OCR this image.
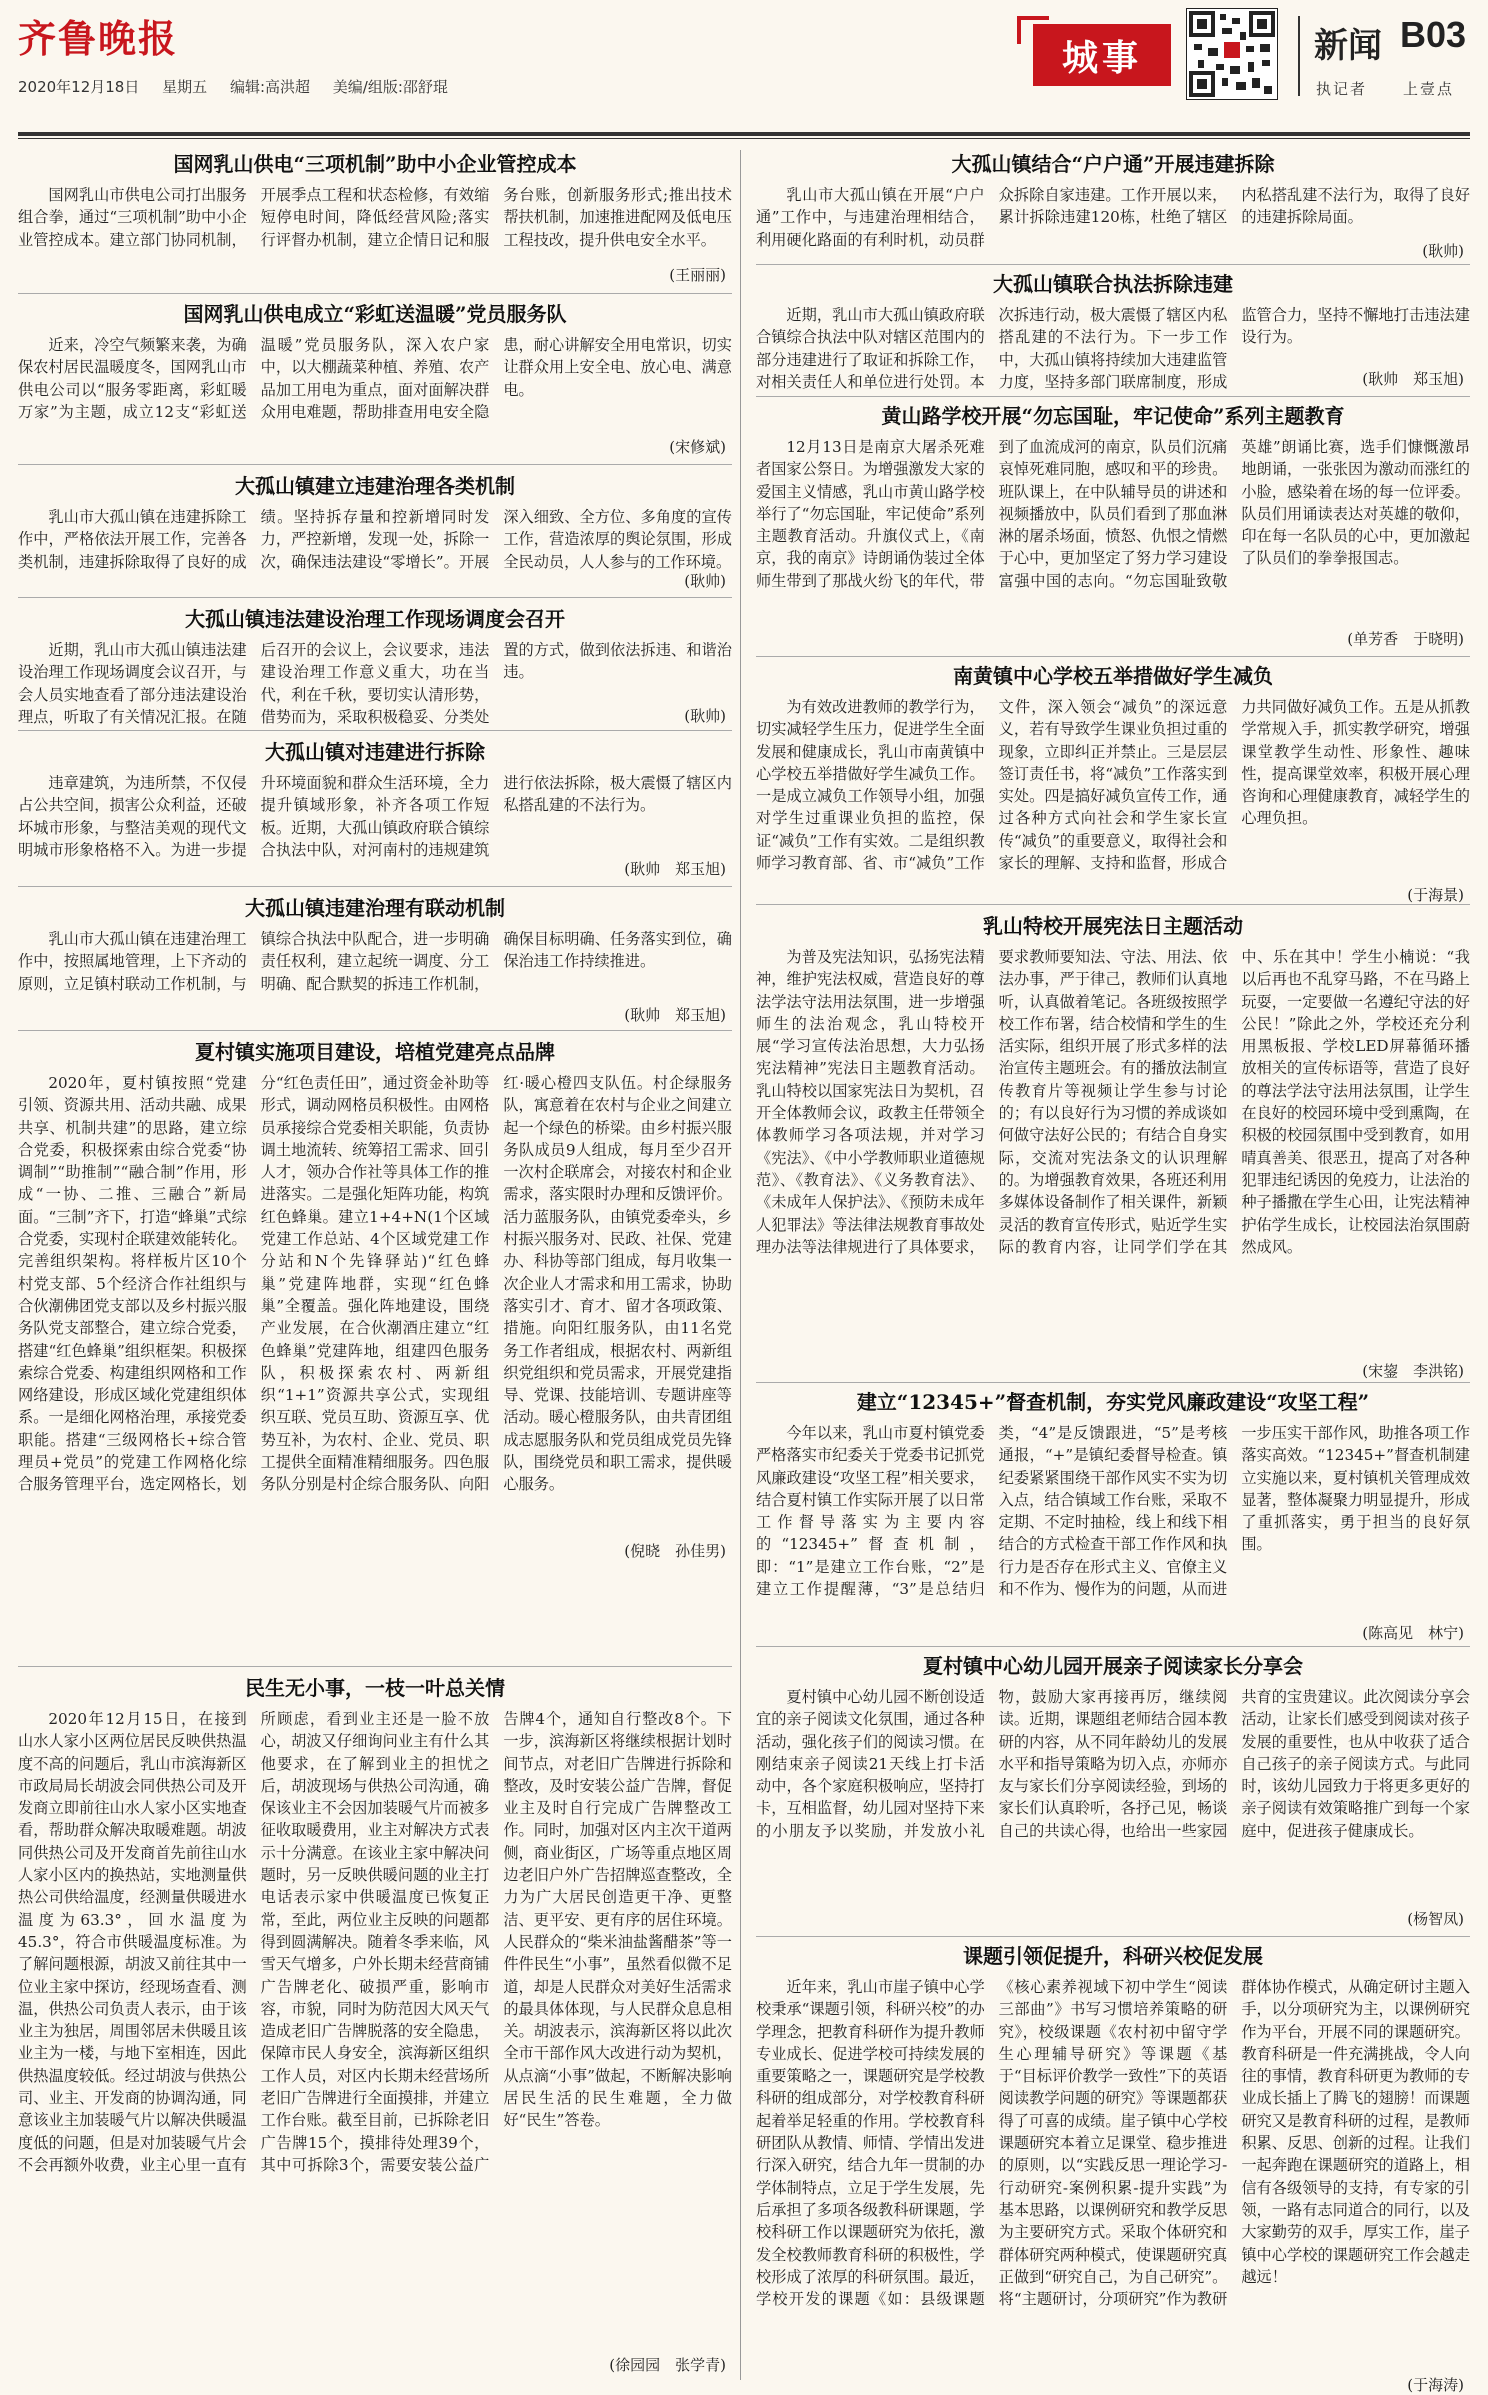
齐鲁晚报
2020年12月18日 星期五 编辑:高洪超 美编/组版:邵舒琨
城事	新闻 B03
执记者 上壹点
国网乳山供电“三项机制”助中小企业管控成本
国网乳山市供电公司打出服务组合拳，通过“三项机制”助中小企业管控成本。建立部门协同机制，开展季点工程和状态检修，有效缩短停电时间，降低经营风险;落实行评督办机制，建立企情日记和服务台账，创新服务形式;推出技术帮扶机制，加速推进配网及低电压工程技改，提升供电安全水平。
(王丽丽)
国网乳山供电成立“彩虹送温暖”党员服务队
近来，冷空气频繁来袭，为确保农村居民温暖度冬，国网乳山市供电公司以“服务零距离，彩虹暖万家”为主题，成立12支“彩虹送温暖”党员服务队，深入农户家中，以大棚蔬菜种植、养殖、农产品加工用电为重点，面对面解决群众用电难题，帮助排查用电安全隐患，耐心讲解安全用电常识，切实让群众用上安全电、放心电、满意电。
(宋修斌)
大孤山镇建立违建治理各类机制
乳山市大孤山镇在违建拆除工作中，严格依法开展工作，完善各类机制，违建拆除取得了良好的成绩。坚持拆存量和控新增同时发力，严控新增，发现一处，拆除一次，确保违法建设“零增长”。开展深入细致、全方位、多角度的宣传工作，营造浓厚的舆论氛围，形成全民动员，人人参与的工作环境。
(耿帅)
大孤山镇违法建设治理工作现场调度会召开
近期，乳山市大孤山镇违法建设治理工作现场调度会议召开，与会人员实地查看了部分违法建设治理点，听取了有关情况汇报。在随后召开的会议上，会议要求，违法建设治理工作意义重大，功在当代，利在千秋，要切实认清形势，借势而为，采取积极稳妥、分类处置的方式，做到依法拆违、和谐治违。
(耿帅)
大孤山镇对违建进行拆除
违章建筑，为违所禁，不仅侵占公共空间，损害公众利益，还破坏城市形象，与整洁美观的现代文明城市形象格格不入。为进一步提升环境面貌和群众生活环境，全力提升镇域形象，补齐各项工作短板。近期，大孤山镇政府联合镇综合执法中队，对河南村的违规建筑进行依法拆除，极大震慑了辖区内私搭乱建的不法行为。
(耿帅　郑玉旭)
大孤山镇违建治理有联动机制
乳山市大孤山镇在违建治理工作中，按照属地管理，上下齐动的原则，立足镇村联动工作机制，与镇综合执法中队配合，进一步明确责任权利，建立起统一调度、分工明确、配合默契的拆违工作机制，确保目标明确、任务落实到位，确保治违工作持续推进。
(耿帅　郑玉旭)
夏村镇实施项目建设，培植党建亮点品牌
2020年，夏村镇按照“党建引领、资源共用、活动共融、成果共享、机制共建”的思路，建立综合党委，积极探索由综合党委“协调制”“助推制”“融合制”作用，形成“一协、二推、三融合”新局面。“三制”齐下，打造“蜂巢”式综合党委，实现村企联建效能转化。完善组织架构。将样板片区10个村党支部、5个经济合作社组织与合伙潮佛团党支部以及乡村振兴服务队党支部整合，建立综合党委，搭建“红色蜂巢”组织框架。积极探索综合党委、构建组织网格和工作网络建设，形成区域化党建组织体系。一是细化网格治理，承接党委职能。搭建“三级网格长+综合管理员+党员”的党建工作网格化综合服务管理平台，选定网格长，划分“红色责任田”，通过资金补助等形式，调动网格员积极性。由网格员承接综合党委相关职能，负责协调土地流转、统筹招工需求、回引人才，领办合作社等具体工作的推进落实。二是强化矩阵功能，构筑红色蜂巢。建立1+4+N(1个区域党建工作总站、4个区域党建工作分站和N个先锋驿站)“红色蜂巢”党建阵地群，实现“红色蜂巢”全覆盖。强化阵地建设，围绕产业发展，在合伙潮酒庄建立“红色蜂巢”党建阵地，组建四色服务队，积极探索农村、两新组织“1+1”资源共享公式，实现组织互联、党员互助、资源互享、优势互补，为农村、企业、党员、职工提供全面精准精细服务。四色服务队分别是村企综合服务队、向阳红·暖心橙四支队伍。村企绿服务队，寓意着在农村与企业之间建立起一个绿色的桥梁。由乡村振兴服务队成员9人组成，每月至少召开一次村企联席会，对接农村和企业需求，落实限时办理和反馈评价。活力蓝服务队，由镇党委牵头，乡村振兴服务对、民政、社保、党建办、科协等部门组成，每月收集一次企业人才需求和用工需求，协助落实引才、育才、留才各项政策、措施。向阳红服务队，由11名党务工作者组成，根据农村、两新组织党组织和党员需求，开展党建指导、党课、技能培训、专题讲座等活动。暖心橙服务队，由共青团组成志愿服务队和党员组成党员先锋队，围绕党员和职工需求，提供暖心服务。
(倪晓　孙佳男)
民生无小事，一枝一叶总关情
2020年12月15日，在接到山水人家小区两位居民反映供热温度不高的问题后，乳山市滨海新区市政局局长胡波会同供热公司及开发商立即前往山水人家小区实地查看，帮助群众解决取暖难题。胡波同供热公司及开发商首先前往山水人家小区内的换热站，实地测量供热公司供给温度，经测量供暖进水温度为63.3°，回水温度为45.3°，符合市供暖温度标准。为了解问题根源，胡波又前往其中一位业主家中探访，经现场查看、测温，供热公司负责人表示，由于该业主为独居，周围邻居未供暖且该业主为一楼，与地下室相连，因此供热温度较低。经过胡波与供热公司、业主、开发商的协调沟通，同意该业主加装暖气片以解决供暖温度低的问题，但是对加装暖气片会不会再额外收费，业主心里一直有所顾虑，看到业主还是一脸不放心，胡波又仔细询问业主有什么其他要求，在了解到业主的担忧之后，胡波现场与供热公司沟通，确保该业主不会因加装暖气片而被多征收取暖费用，业主对解决方式表示十分满意。在该业主家中解决问题时，另一反映供暖问题的业主打电话表示家中供暖温度已恢复正常，至此，两位业主反映的问题都得到圆满解决。随着冬季来临，风雪天气增多，户外长期未经营商铺广告牌老化、破损严重，影响市容，市貌，同时为防范因大风天气造成老旧广告牌脱落的安全隐患，保障市民人身安全，滨海新区组织工作人员，对区内长期未经营场所老旧广告牌进行全面摸排，并建立工作台账。截至目前，已拆除老旧广告牌15个，摸排待处理39个，其中可拆除3个，需要安装公益广告牌4个，通知自行整改8个。下一步，滨海新区将继续根据计划时间节点，对老旧广告牌进行拆除和整改，及时安装公益广告牌，督促业主及时自行完成广告牌整改工作。同时，加强对区内主次干道两侧，商业街区，广场等重点地区周边老旧户外广告招牌巡查整改，全力为广大居民创造更干净、更整洁、更平安、更有序的居住环境。人民群众的“柴米油盐酱醋茶”等一件件民生“小事”，虽然看似微不足道，却是人民群众对美好生活需求的最具体体现，与人民群众息息相关。胡波表示，滨海新区将以此次全市干部作风大改进行动为契机，从点滴“小事”做起，不断解决影响居民生活的民生难题，全力做好“民生”答卷。
(徐园园　张学青)
大孤山镇结合“户户通”开展违建拆除
乳山市大孤山镇在开展“户户通”工作中，与违建治理相结合，利用硬化路面的有利时机，动员群众拆除自家违建。工作开展以来，累计拆除违建120栋，杜绝了辖区内私搭乱建不法行为，取得了良好的违建拆除局面。
(耿帅)
大孤山镇联合执法拆除违建
近期，乳山市大孤山镇政府联合镇综合执法中队对辖区范围内的部分违建进行了取证和拆除工作，对相关责任人和单位进行处罚。本次拆违行动，极大震慑了辖区内私搭乱建的不法行为。下一步工作中，大孤山镇将持续加大违建监管力度，坚持多部门联席制度，形成监管合力，坚持不懈地打击违法建设行为。
(耿帅　郑玉旭)
黄山路学校开展“勿忘国耻，牢记使命”系列主题教育
12月13日是南京大屠杀死难者国家公祭日。为增强激发大家的爱国主义情感，乳山市黄山路学校举行了“勿忘国耻，牢记使命”系列主题教育活动。升旗仪式上，《南京，我的南京》诗朗诵伪装过全体师生带到了那战火纷飞的年代，带到了血流成河的南京，队员们沉痛哀悼死难同胞，感叹和平的珍贵。班队课上，在中队辅导员的讲述和视频播放中，队员们看到了那血淋淋的屠杀场面，愤怒、仇恨之情燃于心中，更加坚定了努力学习建设富强中国的志向。“勿忘国耻致敬英雄”朗诵比赛，选手们慷慨激昂地朗诵，一张张因为激动而涨红的小脸，感染着在场的每一位评委。队员们用诵读表达对英雄的敬仰，印在每一名队员的心中，更加激起了队员们的拳拳报国志。
(单芳香　于晓明)
南黄镇中心学校五举措做好学生减负
为有效改进教师的教学行为，切实减轻学生压力，促进学生全面发展和健康成长，乳山市南黄镇中心学校五举措做好学生减负工作。一是成立减负工作领导小组，加强对学生过重课业负担的监控，保证“减负”工作有实效。二是组织教师学习教育部、省、市“减负”工作文件，深入领会“减负”的深远意义，若有导致学生课业负担过重的现象，立即纠正并禁止。三是层层签订责任书，将“减负”工作落实到实处。四是搞好减负宣传工作，通过各种方式向社会和学生家长宣传“减负”的重要意义，取得社会和家长的理解、支持和监督，形成合力共同做好减负工作。五是从抓教学常规入手，抓实教学研究，增强课堂教学生动性、形象性、趣味性，提高课堂效率，积极开展心理咨询和心理健康教育，减轻学生的心理负担。
(于海景)
乳山特校开展宪法日主题活动
为普及宪法知识，弘扬宪法精神，维护宪法权威，营造良好的尊法学法守法用法氛围，进一步增强师生的法治观念，乳山特校开展“学习宣传法治思想，大力弘扬宪法精神”宪法日主题教育活动。乳山特校以国家宪法日为契机，召开全体教师会议，政教主任带领全体教师学习各项法规，并对学习《宪法》、《中小学教师职业道德规范》、《教育法》、《义务教育法》、《未成年人保护法》、《预防未成年人犯罪法》等法律法规教育事故处理办法等法律规进行了具体要求，要求教师要知法、守法、用法、依法办事，严于律己，教师们认真地听，认真做着笔记。各班级按照学校工作布署，结合校情和学生的生活实际，组织开展了形式多样的法治宣传主题班会。有的播放法制宣传教育片等视频让学生参与讨论的；有以良好行为习惯的养成谈如何做守法好公民的；有结合自身实际，交流对宪法条文的认识理解的。为增强教育效果，各班还利用多媒体设备制作了相关课件，新颖灵活的教育宣传形式，贴近学生实际的教育内容，让同学们学在其中、乐在其中！学生小楠说：“我以后再也不乱穿马路，不在马路上玩耍，一定要做一名遵纪守法的好公民！”除此之外，学校还充分利用黑板报、学校LED屏幕循环播放相关的宣传标语等，营造了良好的尊法学法守法用法氛围，让学生在良好的校园环境中受到熏陶，在积极的校园氛围中受到教育，如用晴真善美、很恶丑，提高了对各种犯罪违纪诱因的免疫力，让法治的种子播撒在学生心田，让宪法精神护佑学生成长，让校园法治氛围蔚然成风。
(宋鋆　李洪铭)
建立“12345+”督查机制，夯实党风廉政建设“攻坚工程”
今年以来，乳山市夏村镇党委严格落实市纪委关于党委书记抓党风廉政建设“攻坚工程”相关要求，结合夏村镇工作实际开展了以日常工作督导落实为主要内容的“12345+”督查机制，即：“1”是建立工作台账，“2”是建立工作提醒薄，“3”是总结归类，“4”是反馈跟进，“5”是考核通报，“+”是镇纪委督导检查。镇纪委紧紧围绕干部作风实不实为切入点，结合镇域工作台账，采取不定期、不定时抽检，线上和线下相结合的方式检查干部工作作风和执行力是否存在形式主义、官僚主义和不作为、慢作为的问题，从而进一步压实干部作风，助推各项工作落实高效。“12345+”督查机制建立实施以来，夏村镇机关管理成效显著，整体凝聚力明显提升，形成了重抓落实，勇于担当的良好氛围。
(陈高见　林宁)
夏村镇中心幼儿园开展亲子阅读家长分享会
夏村镇中心幼儿园不断创设适宜的亲子阅读文化氛围，通过各种活动，强化孩子们的阅读习惯。在刚结束亲子阅读21天线上打卡活动中，各个家庭积极响应，坚持打卡，互相监督，幼儿园对坚持下来的小朋友予以奖励，并发放小礼物，鼓励大家再接再厉，继续阅读。近期，课题组老师结合园本教研的内容，从不同年龄幼儿的发展水平和指导策略为切入点，亦师亦友与家长们分享阅读经验，到场的家长们认真聆听，各抒己见，畅谈自己的共读心得，也给出一些家园共育的宝贵建议。此次阅读分享会活动，让家长们感受到阅读对孩子发展的重要性，也从中收获了适合自己孩子的亲子阅读方式。与此同时，该幼儿园致力于将更多更好的亲子阅读有效策略推广到每一个家庭中，促进孩子健康成长。
(杨智凤)
课题引领促提升，科研兴校促发展
近年来，乳山市崖子镇中心学校秉承“课题引领，科研兴校”的办学理念，把教育科研作为提升教师专业成长、促进学校可持续发展的重要策略之一，课题研究是学校教科研的组成部分，对学校教育科研起着举足轻重的作用。学校教育科研团队从教情、师情、学情出发进行深入研究，结合九年一贯制的办学体制特点，立足于学生发展，先后承担了多项各级教科研课题，学校科研工作以课题研究为依托，激发全校教师教育科研的积极性，学校形成了浓厚的科研氛围。最近，学校开发的课题《如：县级课题《核心素养视域下初中学生“阅读三部曲”》书写习惯培养策略的研究》，校级课题《农村初中留守学生心理辅导研究》等课题《基于“目标评价教学一致性”下的英语阅读教学问题的研究》等课题都获得了可喜的成绩。崖子镇中心学校课题研究本着立足课堂、稳步推进的原则，以“实践反思一理论学习-行动研究-案例积累-提升实践”为基本思路，以课例研究和教学反思为主要研究方式。采取个体研究和群体研究两种模式，使课题研究真正做到“研究自己，为自己研究”。将“主题研讨，分项研究”作为教研群体协作模式，从确定研讨主题入手，以分项研究为主，以课例研究作为平台，开展不同的课题研究。教育科研是一件充满挑战，令人向往的事情，教育科研更为教师的专业成长插上了腾飞的翅膀！而课题研究又是教育科研的过程，是教师积累、反思、创新的过程。让我们一起奔跑在课题研究的道路上，相信有各级领导的支持，有专家的引领，一路有志同道合的同行，以及大家勤劳的双手，厚实工作，崖子镇中心学校的课题研究工作会越走越远！
(于海涛)
